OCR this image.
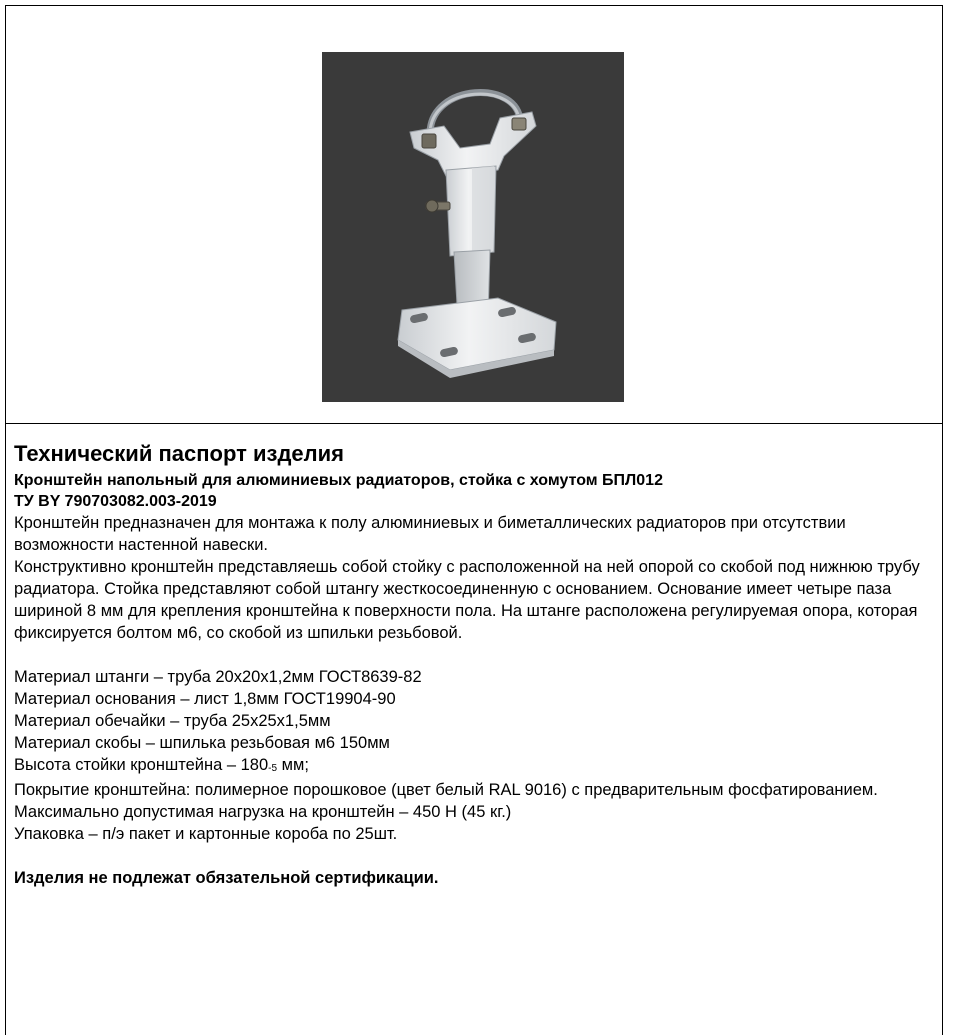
Технический паспорт изделия

Кронштейн напольный для алюминиевых радиаторов, стойка с хомутом БПЛ012

ТУ BY 790703082.003-2019

Кронштейн предназначен для монтажа к полу алюминиевых и биметаллических радиаторов при отсутствии возможности настенной навески.

Конструктивно кронштейн представляешь собой стойку с расположенной на ней опорой со скобой под нижнюю трубу радиатора. Стойка представляют собой штангу жесткосоединенную с основанием. Основание имеет четыре паза шириной 8 мм для крепления кронштейна к поверхности пола. На штанге расположена регулируемая опора, которая фиксируется болтом м6, со скобой из шпильки резьбовой.

Материал штанги – труба 20х20х1,2мм ГОСТ8639-82

Материал основания – лист 1,8мм ГОСТ19904-90

Материал обечайки – труба 25х25х1,5мм

Материал скобы – шпилька резьбовая м6 150мм

Высота стойки кронштейна – $180_{-5}$ мм;

Покрытие кронштейна: полимерное порошковое (цвет белый RAL 9016) с предварительным фосфатированием.

Максимально допустимая нагрузка на кронштейн – 450 Н (45 кг.)

Упаковка – п/э пакет и картонные короба по 25шт.

Изделия не подлежат обязательной сертификации.
